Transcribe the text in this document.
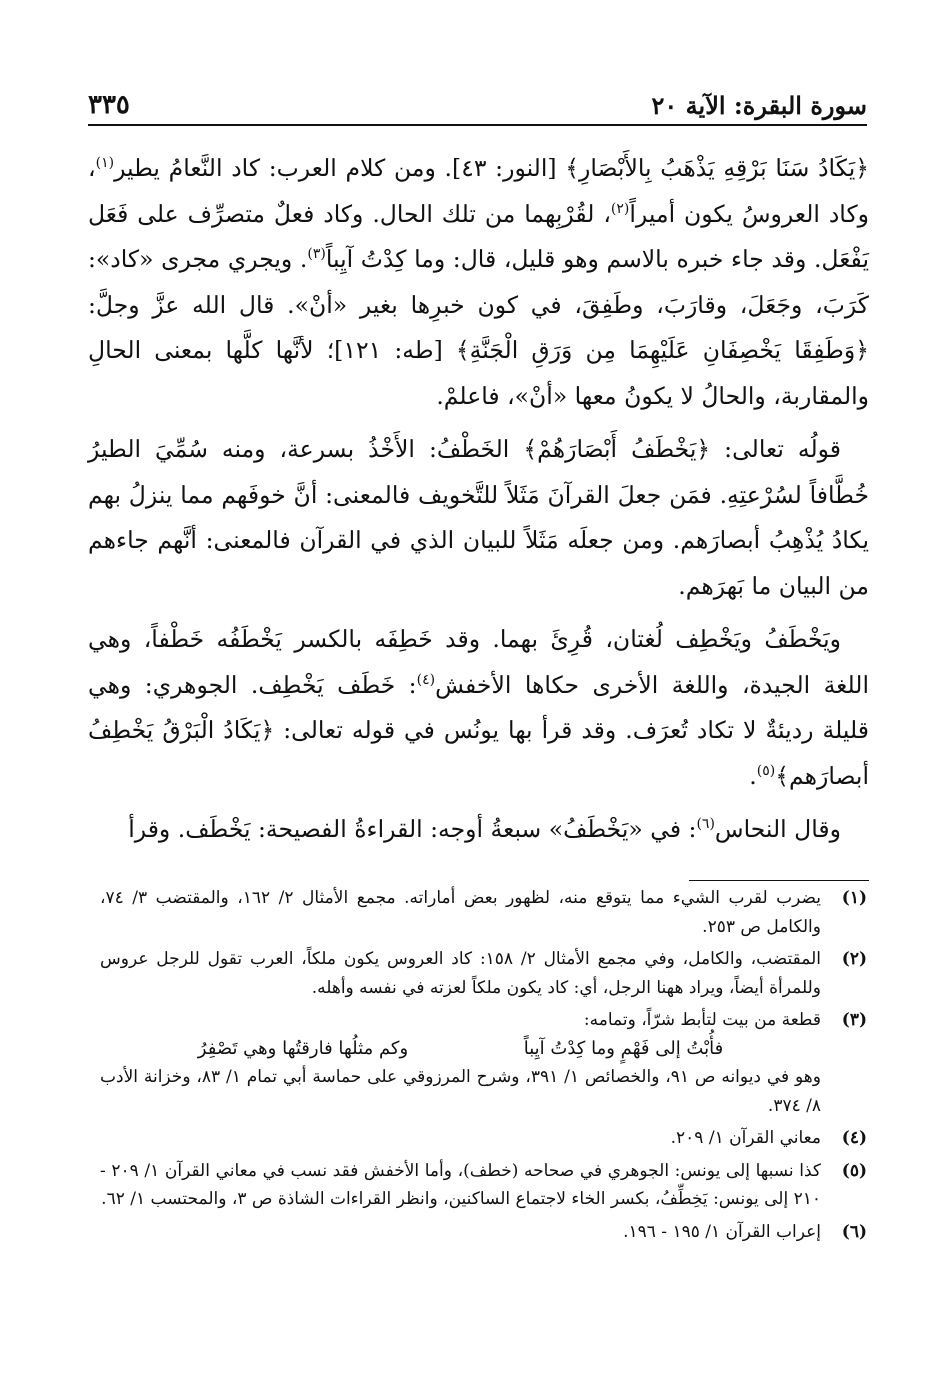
سورة البقرة: الآية ٢٠
٣٣٥

﴿يَكَادُ سَنَا بَرْقِهِ يَذْهَبُ بِالأَبْصَارِ﴾ [النور: ٤٣]. ومن كلام العرب: كاد النَّعامُ يطير$^{(١)}$، وكاد العروسُ يكون أميراً$^{(٢)}$، لقُرْبِهما من تلك الحال. وكاد فعلٌ متصرِّف على فَعَل يَفْعَل. وقد جاء خبره بالاسم وهو قليل، قال: وما كِدْتُ آيِباً$^{(٣)}$. ويجري مجرى «كاد»: كَرَبَ، وجَعَلَ، وقارَبَ، وطَفِقَ، في كون خبرِها بغير «أنْ». قال الله عزَّ وجلَّ: ﴿وَطَفِقَا يَخْصِفَانِ عَلَيْهِمَا مِن وَرَقِ الْجَنَّةِ﴾ [طه: ١٢١]؛ لأنَّها كلَّها بمعنى الحالِ والمقاربة، والحالُ لا يكونُ معها «أنْ»، فاعلمْ.

قولُه تعالى: ﴿يَخْطَفُ أَبْصَارَهُمْ﴾ الخَطْفُ: الأَخْذُ بسرعة، ومنه سُمِّيَ الطيرُ خُطَّافاً لسُرْعتِهِ. فمَن جعلَ القرآنَ مَثَلاً للتَّخويف فالمعنى: أنَّ خوفَهم مما ينزلُ بهم يكادُ يُذْهِبُ أبصارَهم. ومن جعلَه مَثَلاً للبيان الذي في القرآن فالمعنى: أنَّهم جاءهم من البيان ما بَهرَهم.

ويَخْطَفُ ويَخْطِف لُغتان، قُرِئَ بهما. وقد خَطِفَه بالكسر يَخْطَفُه خَطْفاً، وهي اللغة الجيدة، واللغة الأخرى حكاها الأخفش$^{(٤)}$: خَطَف يَخْطِف. الجوهري: وهي قليلة رديئةٌ لا تكاد تُعرَف. وقد قرأ بها يونُس في قوله تعالى: ﴿يَكَادُ الْبَرْقُ يَخْطِفُ أبصارَهم﴾$^{(٥)}$.

وقال النحاس$^{(٦)}$: في «يَخْطَفُ» سبعةُ أوجه: القراءةُ الفصيحة: يَخْطَف. وقرأ

(١)
يضرب لقرب الشيء مما يتوقع منه، لظهور بعض أماراته. مجمع الأمثال ٢/ ١٦٢، والمقتضب ٣/ ٧٤، والكامل ص ٢٥٣.
(٢)
المقتضب، والكامل، وفي مجمع الأمثال ٢/ ١٥٨: كاد العروس يكون ملكاً، العرب تقول للرجل عروس وللمرأة أيضاً، ويراد ههنا الرجل، أي: كاد يكون ملكاً لعزته في نفسه وأهله.
(٣)
قطعة من بيت لتأبط شرّاً، وتمامه:
فأُبْتُ إلى فَهْمٍ وما كِدْتُ آيِباً
وكم مثلُها فارقتُها وهي تَصْفِرُ
وهو في ديوانه ص ٩١، والخصائص ١/ ٣٩١، وشرح المرزوقي على حماسة أبي تمام ١/ ٨٣، وخزانة الأدب ٨/ ٣٧٤.
(٤)
معاني القرآن ١/ ٢٠٩.
(٥)
كذا نسبها إلى يونس: الجوهري في صحاحه (خطف)، وأما الأخفش فقد نسب في معاني القرآن ١/ ٢٠٩ - ٢١٠ إلى يونس: يَخِطِّفُ، بكسر الخاء لاجتماع الساكنين، وانظر القراءات الشاذة ص ٣، والمحتسب ١/ ٦٢.
(٦)
إعراب القرآن ١/ ١٩٥ - ١٩٦.
